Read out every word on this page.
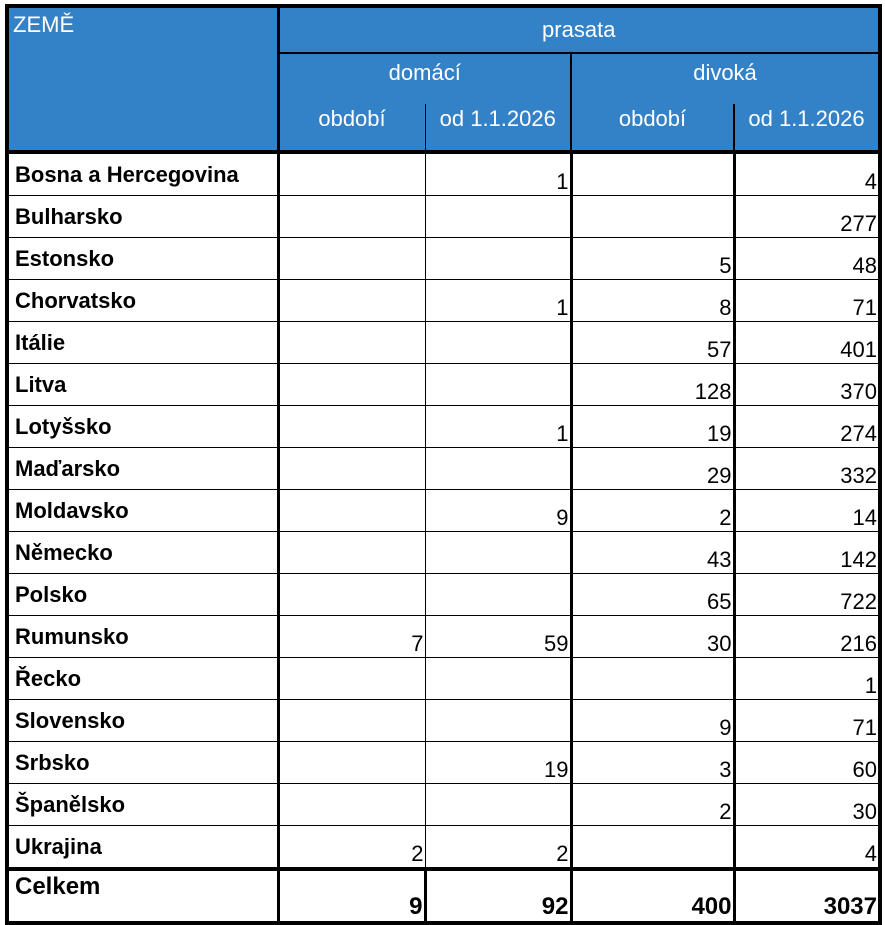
ZEMĚ	prasata			
	domácí		divoká	
	období	od 1.1.2026	období	od 1.1.2026
Bosna a Hercegovina		1		4
Bulharsko				277
Estonsko			5	48
Chorvatsko		1	8	71
Itálie			57	401
Litva			128	370
Lotyšsko		1	19	274
Maďarsko			29	332
Moldavsko		9	2	14
Německo			43	142
Polsko			65	722
Rumunsko	7	59	30	216
Řecko				1
Slovensko			9	71
Srbsko		19	3	60
Španělsko			2	30
Ukrajina	2	2		4
Celkem	9	92	400	3037
